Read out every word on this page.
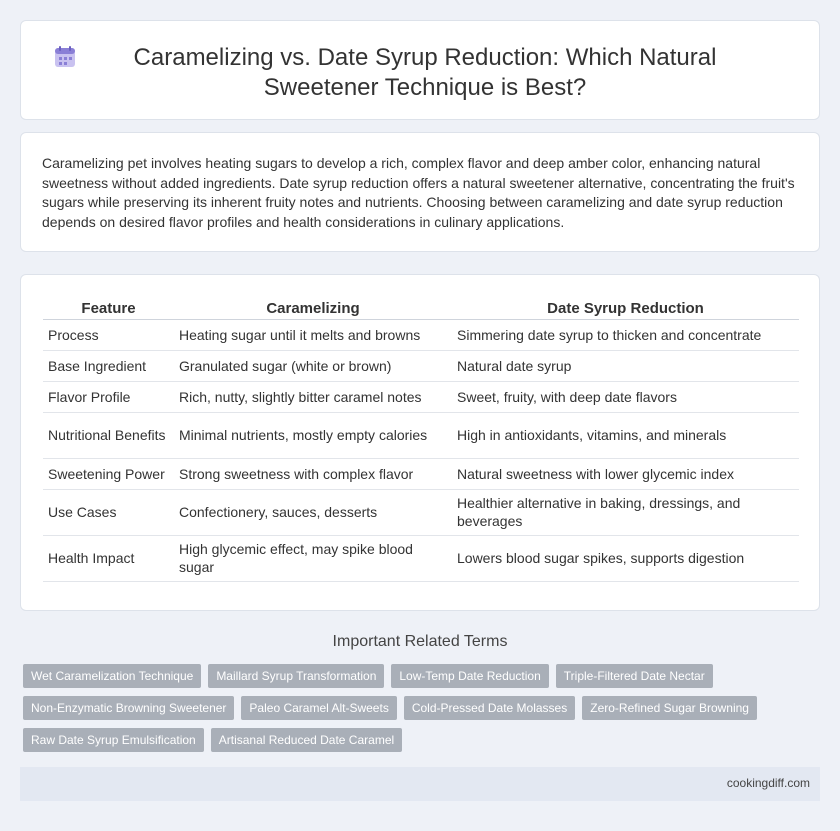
Caramelizing vs. Date Syrup Reduction: Which Natural Sweetener Technique is Best?

Caramelizing pet involves heating sugars to develop a rich, complex flavor and deep amber color, enhancing natural sweetness without added ingredients. Date syrup reduction offers a natural sweetener alternative, concentrating the fruit's sugars while preserving its inherent fruity notes and nutrients. Choosing between caramelizing and date syrup reduction depends on desired flavor profiles and health considerations in culinary applications.

Feature	Caramelizing	Date Syrup Reduction
Process	Heating sugar until it melts and browns	Simmering date syrup to thicken and concentrate
Base Ingredient	Granulated sugar (white or brown)	Natural date syrup
Flavor Profile	Rich, nutty, slightly bitter caramel notes	Sweet, fruity, with deep date flavors
Nutritional Benefits	Minimal nutrients, mostly empty calories	High in antioxidants, vitamins, and minerals
Sweetening Power	Strong sweetness with complex flavor	Natural sweetness with lower glycemic index
Use Cases	Confectionery, sauces, desserts	Healthier alternative in baking, dressings, and beverages
Health Impact	High glycemic effect, may spike blood sugar	Lowers blood sugar spikes, supports digestion
Important Related Terms
Wet Caramelization Technique	Maillard Syrup Transformation	Low-Temp Date Reduction	Triple-Filtered Date Nectar
Non-Enzymatic Browning Sweetener	Paleo Caramel Alt-Sweets	Cold-Pressed Date Molasses	Zero-Refined Sugar Browning
Raw Date Syrup Emulsification	Artisanal Reduced Date Caramel
cookingdiff.com
